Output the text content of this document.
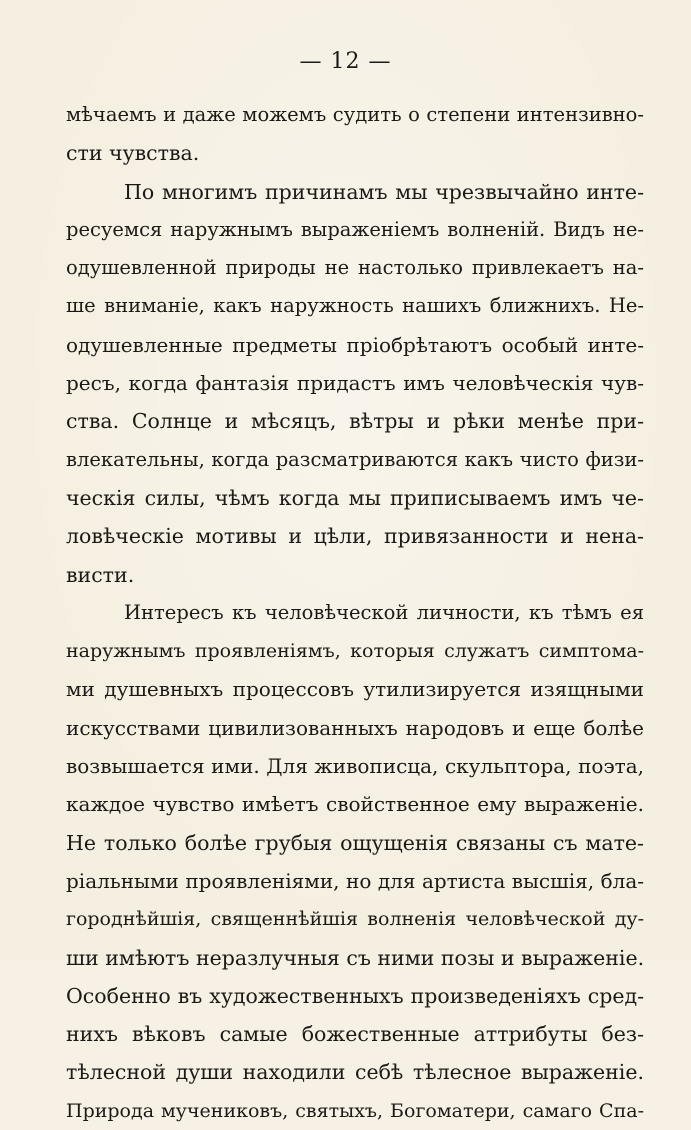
— 12 —
мѣчаемъ и даже можемъ судить о степени интензивно-
сти чувства.
По многимъ причинамъ мы чрезвычайно инте-
ресуемся наружнымъ выраженіемъ волненій. Видъ не-
одушевленной природы не настолько привлекаетъ на-
ше вниманіе, какъ наружность нашихъ ближнихъ. Не-
одушевленные предметы пріобрѣтаютъ особый инте-
ресъ, когда фантазія придастъ имъ человѣческія чув-
ства. Солнце и мѣсяцъ, вѣтры и рѣки менѣе при-
влекательны, когда разсматриваются какъ чисто физи-
ческія силы, чѣмъ когда мы приписываемъ имъ че-
ловѣческіе мотивы и цѣли, привязанности и нена-
висти.
Интересъ къ человѣческой личности, къ тѣмъ ея
наружнымъ проявленіямъ, которыя служатъ симптома-
ми душевныхъ процессовъ утилизируется изящными
искусствами цивилизованныхъ народовъ и еще болѣе
возвышается ими. Для живописца, скульптора, поэта,
каждое чувство имѣетъ свойственное ему выраженіе.
Не только болѣе грубыя ощущенія связаны съ мате-
ріальными проявленіями, но для артиста высшія, бла-
городнѣйшія, священнѣйшія волненія человѣческой ду-
ши имѣютъ неразлучныя съ ними позы и выраженіе.
Особенно въ художественныхъ произведеніяхъ сред-
нихъ вѣковъ самые божественные аттрибуты без-
тѣлесной души находили себѣ тѣлесное выраженіе.
Природа мучениковъ, святыхъ, Богоматери, самаго Спа-
